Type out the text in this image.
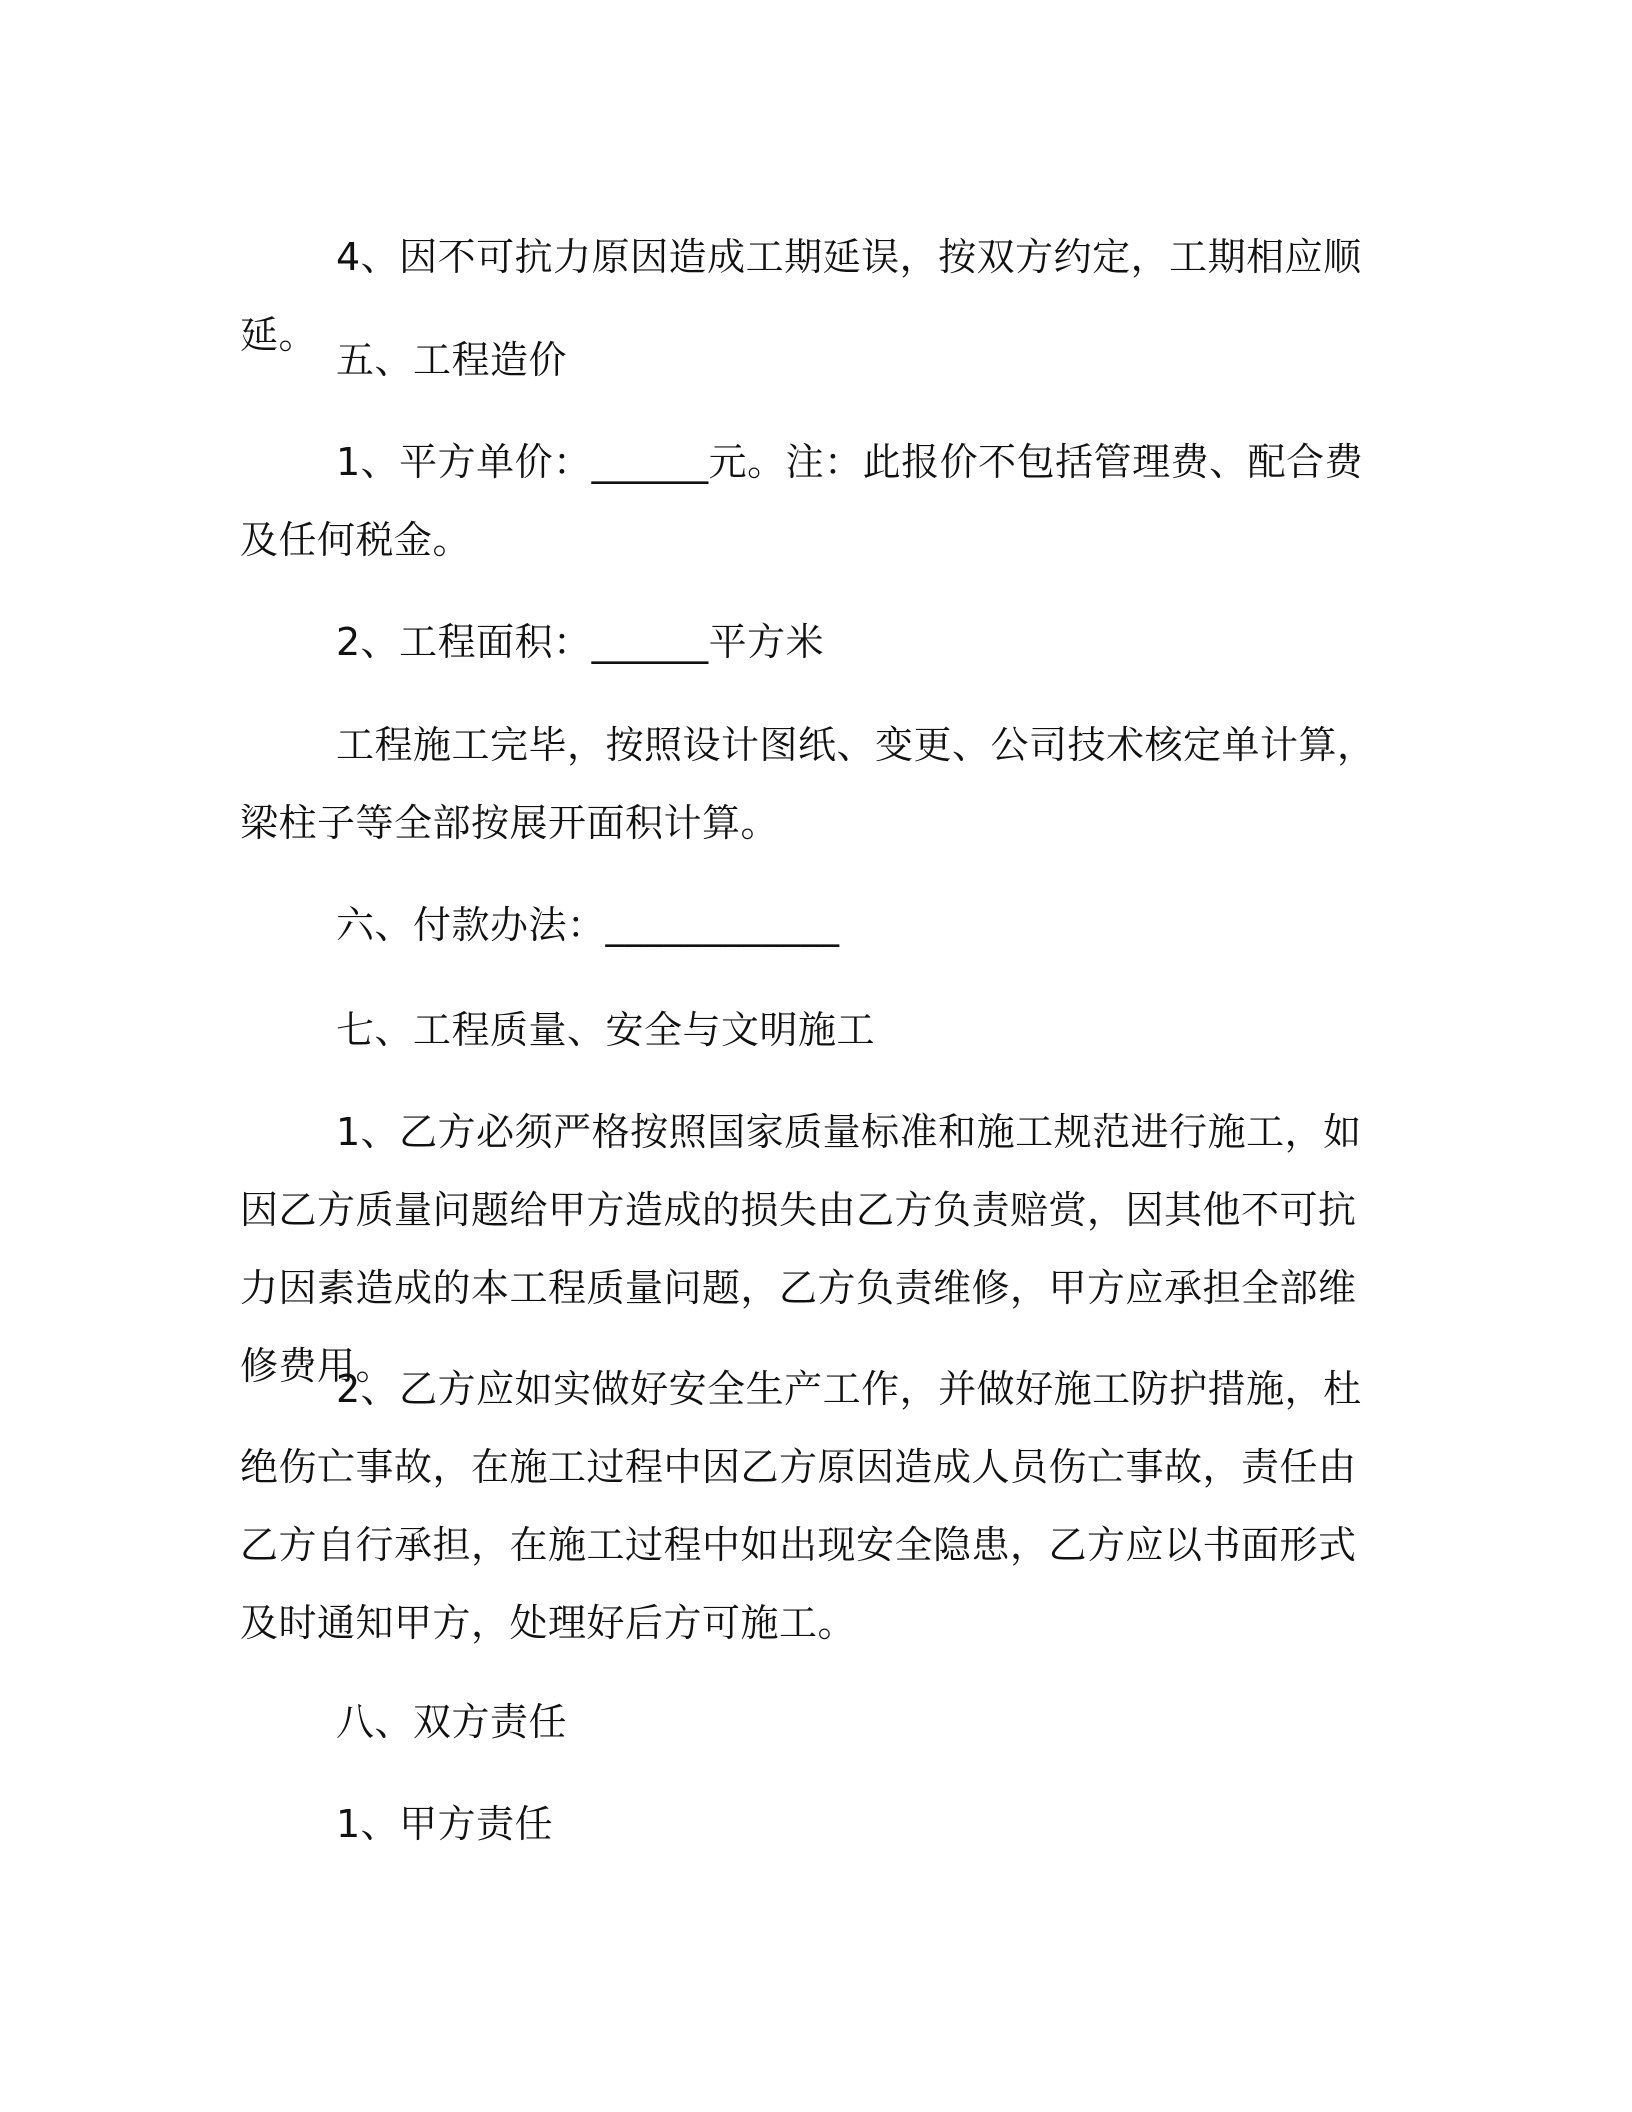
4、因不可抗力原因造成工期延误，按双方约定，工期相应顺延。

五、工程造价

1、平方单价：______元。注：此报价不包括管理费、配合费及任何税金。

2、工程面积：______平方米

工程施工完毕，按照设计图纸、变更、公司技术核定单计算，梁柱子等全部按展开面积计算。

六、付款办法：____________

七、工程质量、安全与文明施工

1、乙方必须严格按照国家质量标准和施工规范进行施工，如因乙方质量问题给甲方造成的损失由乙方负责赔赏，因其他不可抗力因素造成的本工程质量问题，乙方负责维修，甲方应承担全部维修费用。

2、乙方应如实做好安全生产工作，并做好施工防护措施，杜绝伤亡事故，在施工过程中因乙方原因造成人员伤亡事故，责任由乙方自行承担，在施工过程中如出现安全隐患，乙方应以书面形式及时通知甲方，处理好后方可施工。

八、双方责任

1、甲方责任
